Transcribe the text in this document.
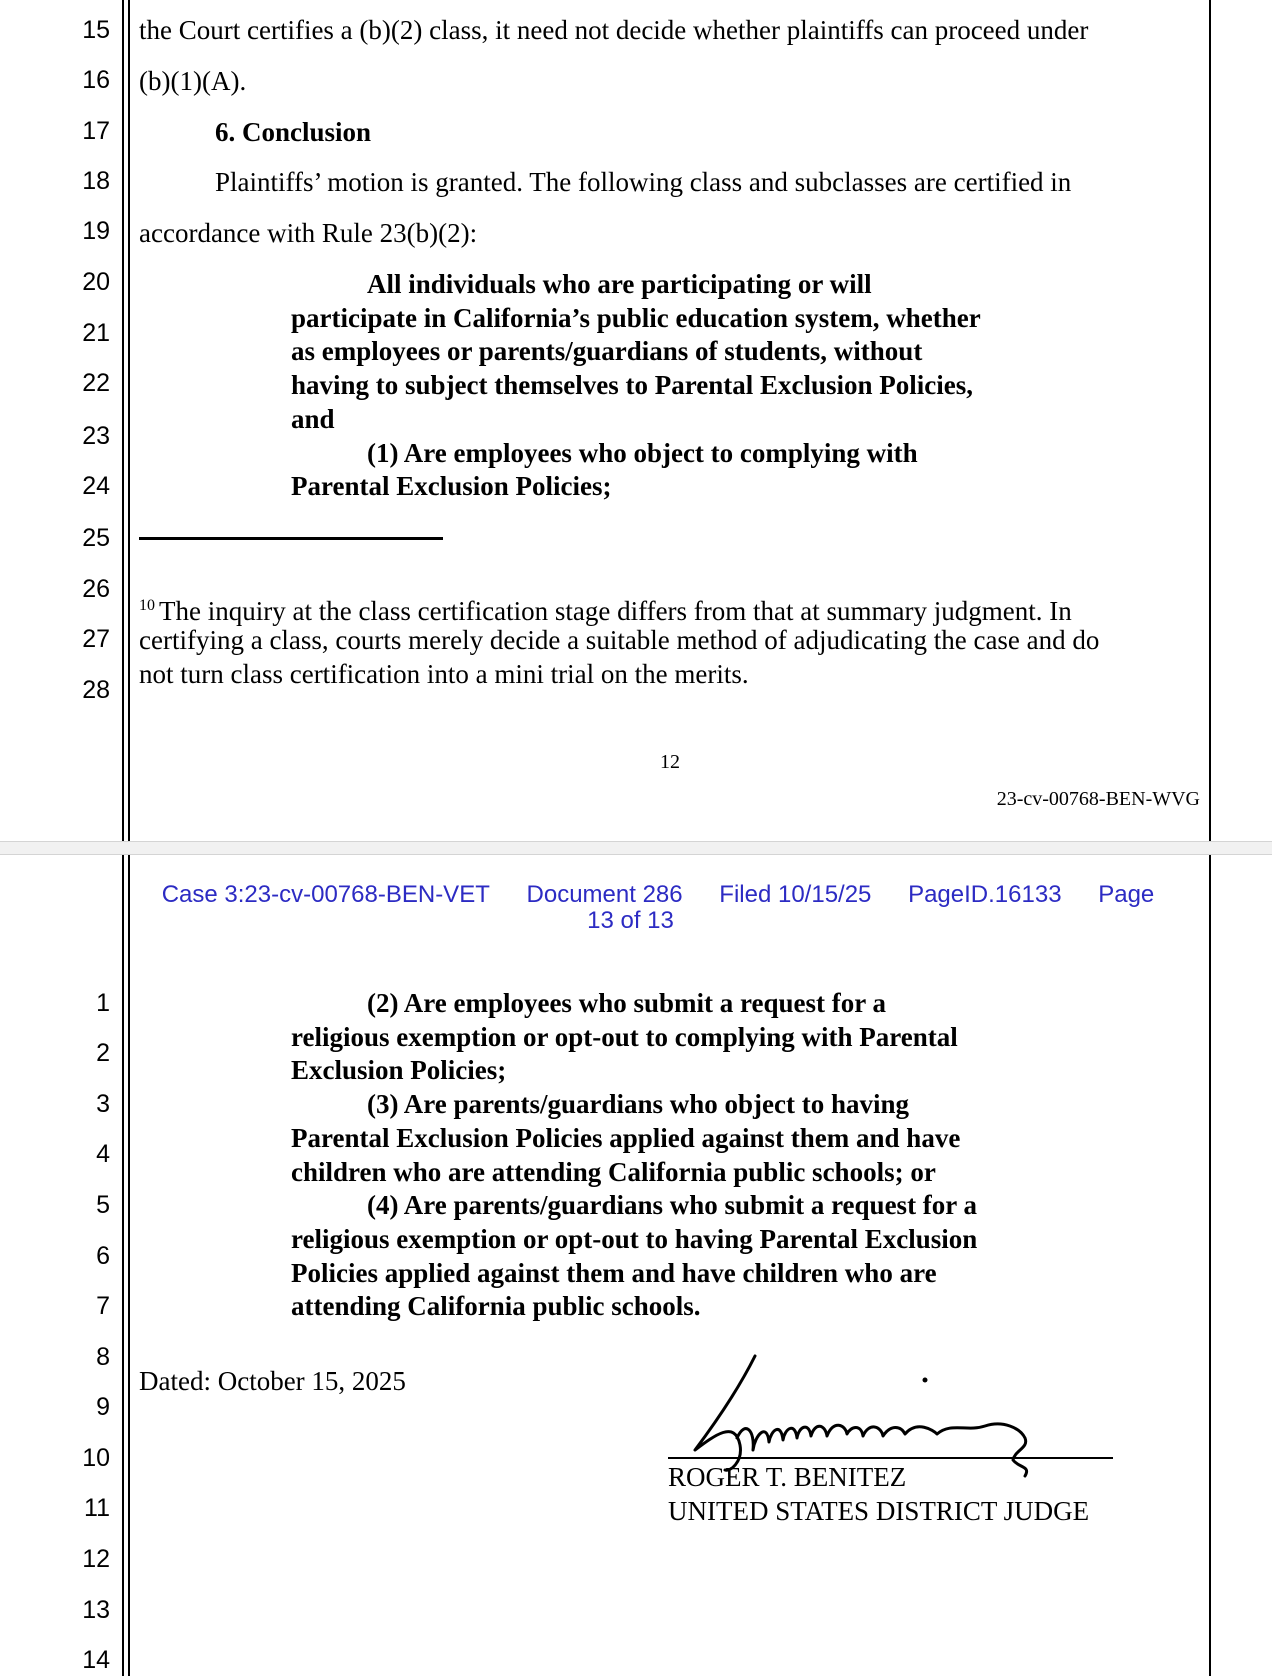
15
16
17
18
19
20
21
22
23
24
25
26
27
28
the Court certifies a (b)(2) class, it need not decide whether plaintiffs can proceed under
(b)(1)(A).
6. Conclusion
Plaintiffs’ motion is granted. The following class and subclasses are certified in
accordance with Rule 23(b)(2):
All individuals who are participating or will
participate in California’s public education system, whether
as employees or parents/guardians of students, without
having to subject themselves to Parental Exclusion Policies,
and
(1) Are employees who object to complying with
Parental Exclusion Policies;
$^{10}$ The inquiry at the class certification stage differs from that at summary judgment. In
certifying a class, courts merely decide a suitable method of adjudicating the case and do
not turn class certification into a mini trial on the merits.
12
23-cv-00768-BEN-WVG
Case 3:23-cv-00768-BEN-VET Document 286 Filed 10/15/25 PageID.16133 Page
13 of 13
1
2
3
4
5
6
7
8
9
10
11
12
13
14
(2) Are employees who submit a request for a
religious exemption or opt-out to complying with Parental
Exclusion Policies;
(3) Are parents/guardians who object to having
Parental Exclusion Policies applied against them and have
children who are attending California public schools; or
(4) Are parents/guardians who submit a request for a
religious exemption or opt-out to having Parental Exclusion
Policies applied against them and have children who are
attending California public schools.
Dated: October 15, 2025
ROGER T. BENITEZ
UNITED STATES DISTRICT JUDGE
